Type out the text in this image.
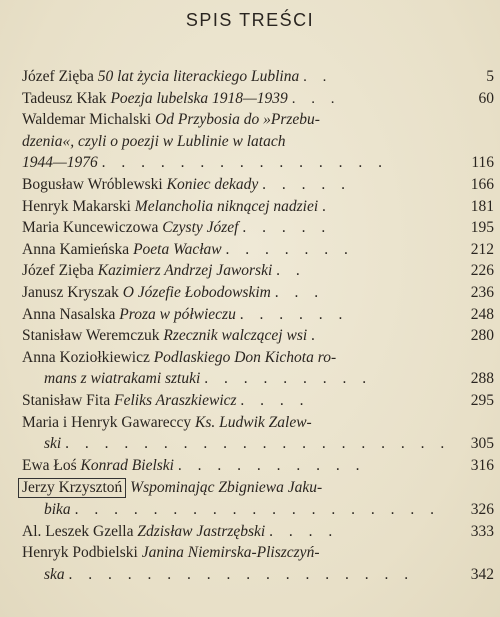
SPIS TREŚCI
Józef Zięba 50 lat życia literackiego Lublina . .	5
Tadeusz Kłak Poezja lubelska 1918—1939 . . .	60
Waldemar Michalski Od Przybosia do »Przebu-
dzenia«, czyli o poezji w Lublinie w latach
1944—1976 . . . . . . . . . . . . . . .	116
Bogusław Wróblewski Koniec dekady . . . . .	166
Henryk Makarski Melancholia niknącej nadziei .	181
Maria Kuncewiczowa Czysty Józef . . . . .	195
Anna Kamieńska Poeta Wacław . . . . . . .	212
Józef Zięba Kazimierz Andrzej Jaworski . .	226
Janusz Kryszak O Józefie Łobodowskim . . .	236
Anna Nasalska Proza w półwieczu . . . . . .	248
Stanisław Weremczuk Rzecznik walczącej wsi .	280
Anna Koziołkiewicz Podlaskiego Don Kichota ro-
mans z wiatrakami sztuki . . . . . . . . .	288
Stanisław Fita Feliks Araszkiewicz . . . .	295
Maria i Henryk Gawareccy Ks. Ludwik Zalew-
ski . . . . . . . . . . . . . . . . . . . . 305
Ewa Łoś Konrad Bielski . . . . . . . . . .	316
Jerzy Krzysztoń Wspominając Zbigniewa Jaku-
bika . . . . . . . . . . . . . . . . . . . 326
Al. Leszek Gzella Zdzisław Jastrzębski . . . .	333
Henryk Podbielski Janina Niemirska-Pliszczyń-
ska . . . . . . . . . . . . . . . . . .	342
